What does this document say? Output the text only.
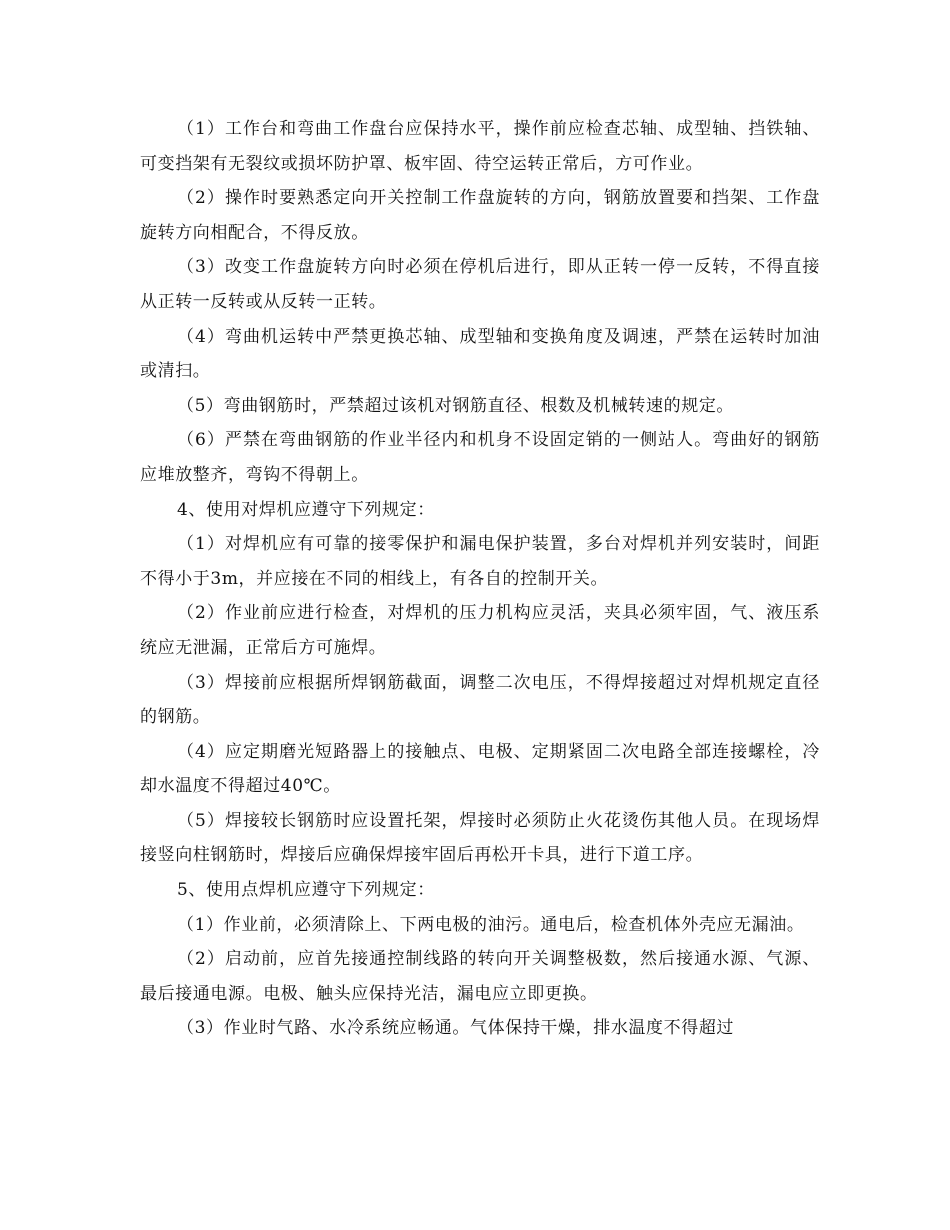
（1）工作台和弯曲工作盘台应保持水平，操作前应检查芯轴、成型轴、挡铁轴、可变挡架有无裂纹或损坏防护罩、板牢固、待空运转正常后，方可作业。

（2）操作时要熟悉定向开关控制工作盘旋转的方向，钢筋放置要和挡架、工作盘旋转方向相配合，不得反放。

（3）改变工作盘旋转方向时必须在停机后进行，即从正转一停一反转，不得直接从正转一反转或从反转一正转。

（4）弯曲机运转中严禁更换芯轴、成型轴和变换角度及调速，严禁在运转时加油或清扫。

（5）弯曲钢筋时，严禁超过该机对钢筋直径、根数及机械转速的规定。

（6）严禁在弯曲钢筋的作业半径内和机身不设固定销的一侧站人。弯曲好的钢筋应堆放整齐，弯钩不得朝上。

4、使用对焊机应遵守下列规定：

（1）对焊机应有可靠的接零保护和漏电保护装置，多台对焊机并列安装时，间距不得小于3m，并应接在不同的相线上，有各自的控制开关。

（2）作业前应进行检查，对焊机的压力机构应灵活，夹具必须牢固，气、液压系统应无泄漏，正常后方可施焊。

（3）焊接前应根据所焊钢筋截面，调整二次电压，不得焊接超过对焊机规定直径的钢筋。

（4）应定期磨光短路器上的接触点、电极、定期紧固二次电路全部连接螺栓，冷却水温度不得超过40℃。

（5）焊接较长钢筋时应设置托架，焊接时必须防止火花烫伤其他人员。在现场焊接竖向柱钢筋时，焊接后应确保焊接牢固后再松开卡具，进行下道工序。

5、使用点焊机应遵守下列规定：

（1）作业前，必须清除上、下两电极的油污。通电后，检查机体外壳应无漏油。

（2）启动前，应首先接通控制线路的转向开关调整极数，然后接通水源、气源、最后接通电源。电极、触头应保持光洁，漏电应立即更换。

（3）作业时气路、水冷系统应畅通。气体保持干燥，排水温度不得超过
